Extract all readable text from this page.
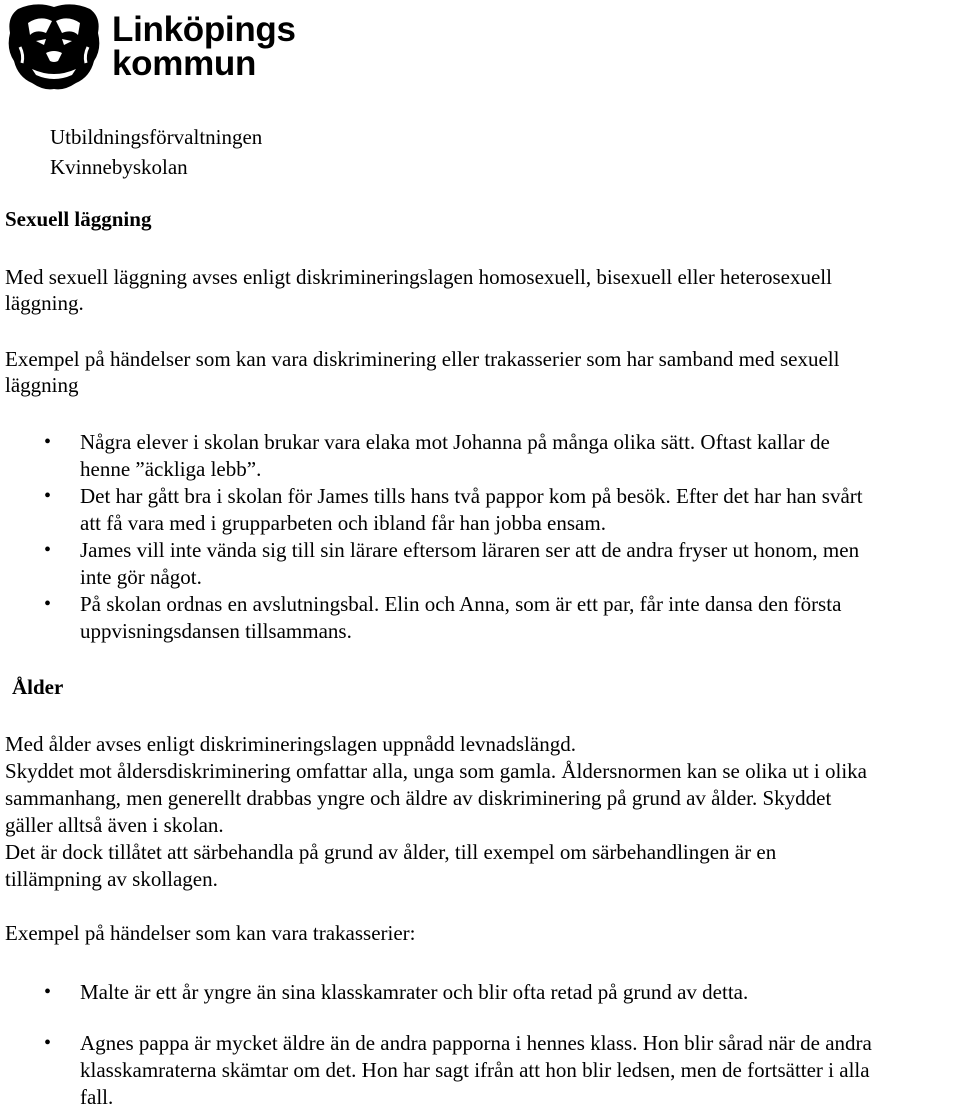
Linköpings
kommun
Utbildningsförvaltningen
Kvinnebyskolan
Sexuell läggning
Med sexuell läggning avses enligt diskrimineringslagen homosexuell, bisexuell eller heterosexuell
läggning.
Exempel på händelser som kan vara diskriminering eller trakasserier som har samband med sexuell
läggning
• Några elever i skolan brukar vara elaka mot Johanna på många olika sätt. Oftast kallar de
henne ”äckliga lebb”.
• Det har gått bra i skolan för James tills hans två pappor kom på besök. Efter det har han svårt
att få vara med i grupparbeten och ibland får han jobba ensam.
• James vill inte vända sig till sin lärare eftersom läraren ser att de andra fryser ut honom, men
inte gör något.
• På skolan ordnas en avslutningsbal. Elin och Anna, som är ett par, får inte dansa den första
uppvisningsdansen tillsammans.
Ålder
Med ålder avses enligt diskrimineringslagen uppnådd levnadslängd.
Skyddet mot åldersdiskriminering omfattar alla, unga som gamla. Åldersnormen kan se olika ut i olika
sammanhang, men generellt drabbas yngre och äldre av diskriminering på grund av ålder. Skyddet
gäller alltså även i skolan.
Det är dock tillåtet att särbehandla på grund av ålder, till exempel om särbehandlingen är en
tillämpning av skollagen.
Exempel på händelser som kan vara trakasserier:
• Malte är ett år yngre än sina klasskamrater och blir ofta retad på grund av detta.
• Agnes pappa är mycket äldre än de andra papporna i hennes klass. Hon blir sårad när de andra
klasskamraterna skämtar om det. Hon har sagt ifrån att hon blir ledsen, men de fortsätter i alla
fall.
